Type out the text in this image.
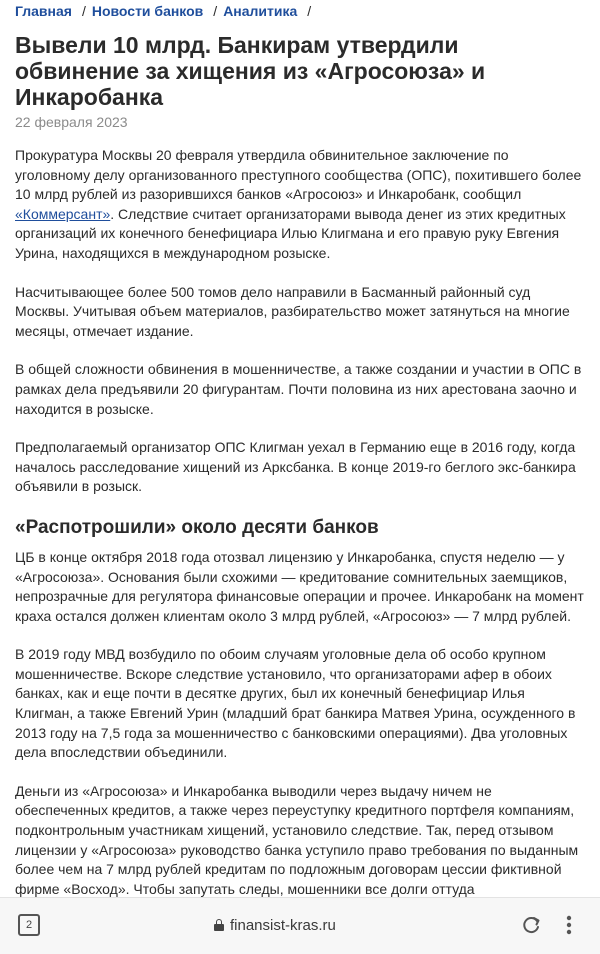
Главная / Новости банков / Аналитика /
Вывели 10 млрд. Банкирам утвердили обвинение за хищения из «Агросоюза» и Инкаробанка
22 февраля 2023

Прокуратура Москвы 20 февраля утвердила обвинительное заключение по уголовному делу организованного преступного сообщества (ОПС), похитившего более 10 млрд рублей из разорившихся банков «Агросоюз» и Инкаробанк, сообщил «Коммерсант». Следствие считает организаторами вывода денег из этих кредитных организаций их конечного бенефициара Илью Клигмана и его правую руку Евгения Урина, находящихся в международном розыске.

Насчитывающее более 500 томов дело направили в Басманный районный суд Москвы. Учитывая объем материалов, разбирательство может затянуться на многие месяцы, отмечает издание.

В общей сложности обвинения в мошенничестве, а также создании и участии в ОПС в рамках дела предъявили 20 фигурантам. Почти половина из них арестована заочно и находится в розыске.

Предполагаемый организатор ОПС Клигман уехал в Германию еще в 2016 году, когда началось расследование хищений из Арксбанка. В конце 2019-го беглого экс-банкира объявили в розыск.

«Распотрошили» около десяти банков

ЦБ в конце октября 2018 года отозвал лицензию у Инкаробанка, спустя неделю — у «Агросоюза». Основания были схожими — кредитование сомнительных заемщиков, непрозрачные для регулятора финансовые операции и прочее. Инкаробанк на момент краха остался должен клиентам около 3 млрд рублей, «Агросоюз» — 7 млрд рублей.

В 2019 году МВД возбудило по обоим случаям уголовные дела об особо крупном мошенничестве. Вскоре следствие установило, что организаторами афер в обоих банках, как и еще почти в десятке других, был их конечный бенефициар Илья Клигман, а также Евгений Урин (младший брат банкира Матвея Урина, осужденного в 2013 году на 7,5 года за мошенничество с банковскими операциями). Два уголовных дела впоследствии объединили.

Деньги из «Агросоюза» и Инкаробанка выводили через выдачу ничем не обеспеченных кредитов, а также через переуступку кредитного портфеля компаниям, подконтрольным участникам хищений, установило следствие. Так, перед отзывом лицензии у «Агросоюза» руководство банка уступило право требования по выданным более чем на 7 млрд рублей кредитам по подложным договорам цессии фиктивной фирме «Восход». Чтобы запутать следы, мошенники все долги оттуда

2	finansist-kras.ru
